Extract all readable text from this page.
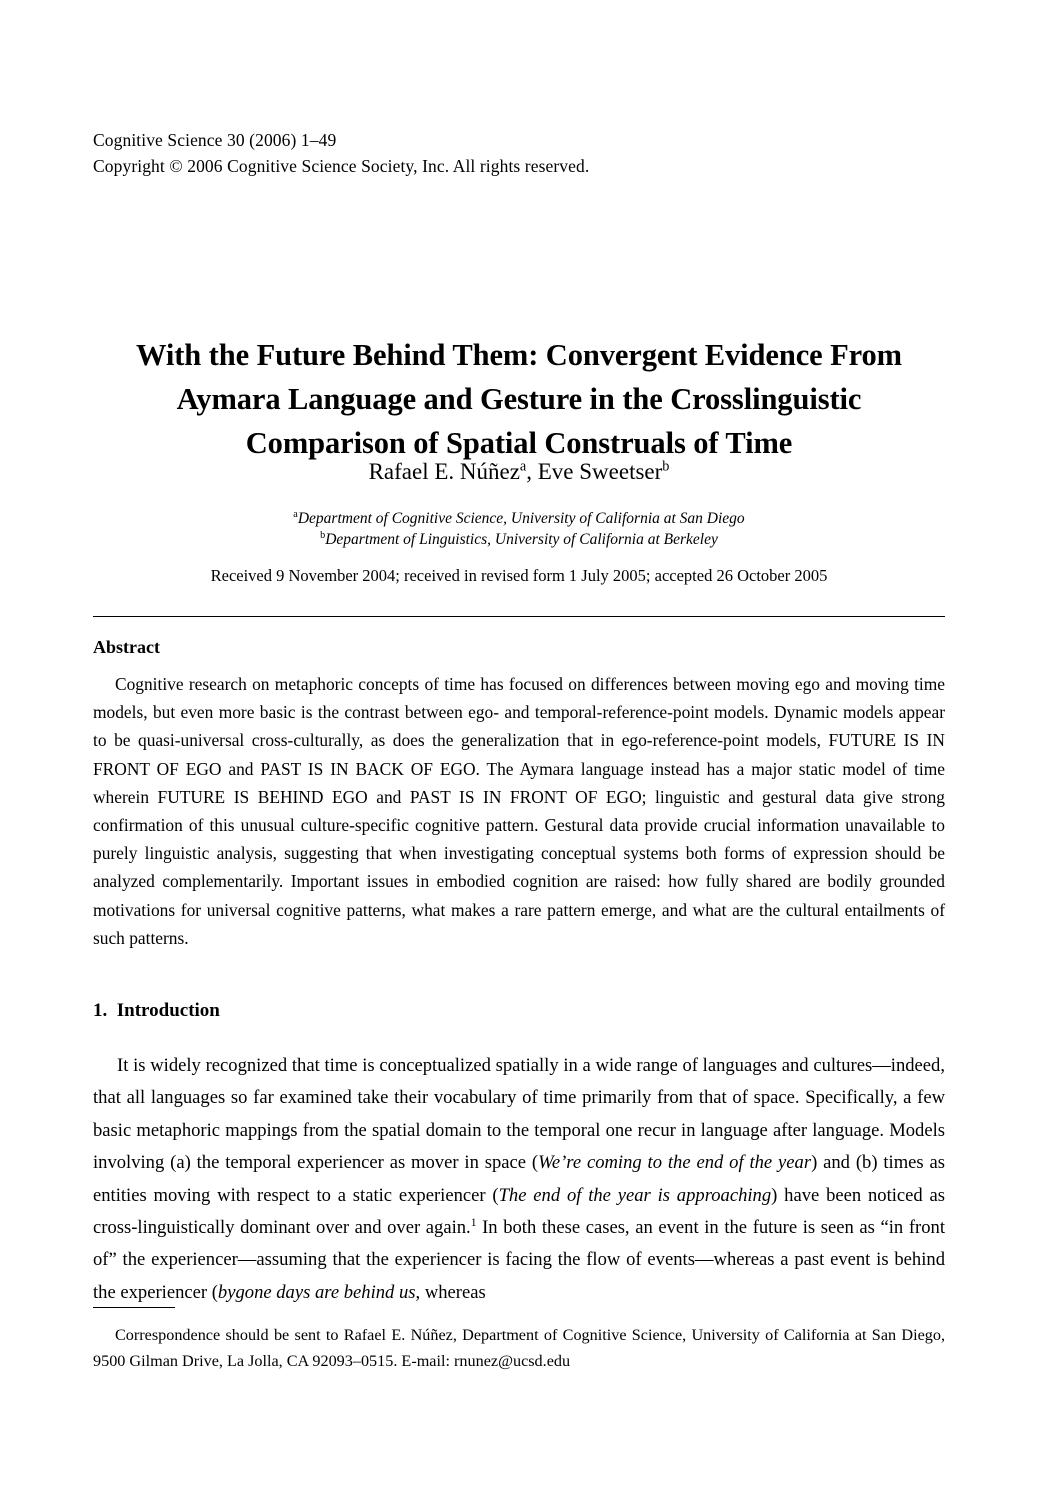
Cognitive Science 30 (2006) 1–49
Copyright © 2006 Cognitive Science Society, Inc. All rights reserved.
With the Future Behind Them: Convergent Evidence From Aymara Language and Gesture in the Crosslinguistic Comparison of Spatial Construals of Time
Rafael E. Núñez$^a$, Eve Sweetser$^b$
$^a$Department of Cognitive Science, University of California at San Diego
$^b$Department of Linguistics, University of California at Berkeley
Received 9 November 2004; received in revised form 1 July 2005; accepted 26 October 2005
Abstract
Cognitive research on metaphoric concepts of time has focused on differences between moving ego and moving time models, but even more basic is the contrast between ego- and temporal-reference-point models. Dynamic models appear to be quasi-universal cross-culturally, as does the generalization that in ego-reference-point models, FUTURE IS IN FRONT OF EGO and PAST IS IN BACK OF EGO. The Aymara language instead has a major static model of time wherein FUTURE IS BEHIND EGO and PAST IS IN FRONT OF EGO; linguistic and gestural data give strong confirmation of this unusual culture-specific cognitive pattern. Gestural data provide crucial information unavailable to purely linguistic analysis, suggesting that when investigating conceptual systems both forms of expression should be analyzed complementarily. Important issues in embodied cognition are raised: how fully shared are bodily grounded motivations for universal cognitive patterns, what makes a rare pattern emerge, and what are the cultural entailments of such patterns.
1. Introduction
It is widely recognized that time is conceptualized spatially in a wide range of languages and cultures—indeed, that all languages so far examined take their vocabulary of time primarily from that of space. Specifically, a few basic metaphoric mappings from the spatial domain to the temporal one recur in language after language. Models involving (a) the temporal experiencer as mover in space (We’re coming to the end of the year) and (b) times as entities moving with respect to a static experiencer (The end of the year is approaching) have been noticed as cross-linguistically dominant over and over again.$^1$ In both these cases, an event in the future is seen as “in front of” the experiencer—assuming that the experiencer is facing the flow of events—whereas a past event is behind the experiencer (bygone days are behind us, whereas
Correspondence should be sent to Rafael E. Núñez, Department of Cognitive Science, University of California at San Diego, 9500 Gilman Drive, La Jolla, CA 92093–0515. E-mail: rnunez@ucsd.edu
